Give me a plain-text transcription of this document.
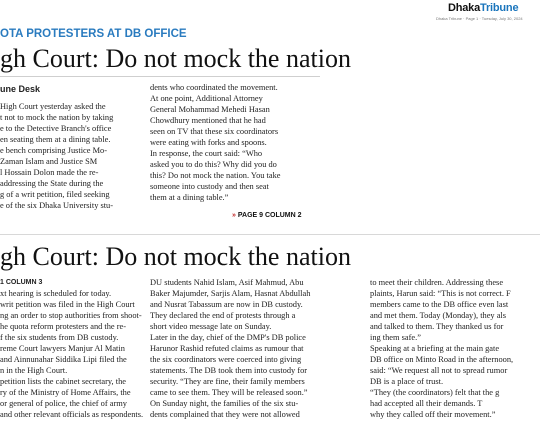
DhakaTribune
Dhaka Tribune · Page 1 · Tuesday, July 30, 2024
OTA PROTESTERS AT DB OFFICE
gh Court: Do not mock the nation
une Desk

High Court yesterday asked the

t not to mock the nation by taking

e to the Detective Branch's office

en seating them at a dining table.

e bench comprising Justice Mo-

Zaman Islam and Justice SM

l Hossain Dolon made the re-

addressing the State during the

g of a writ petition, filed seeking

e of the six Dhaka University stu-

dents who coordinated the movement.

At one point, Additional Attorney

General Mohammad Mehedi Hasan

Chowdhury mentioned that he had

seen on TV that these six coordinators

were eating with forks and spoons.

In response, the court said: “Who

asked you to do this? Why did you do

this? Do not mock the nation. You take

someone into custody and then seat

them at a dining table.”

» PAGE 9 COLUMN 2
gh Court: Do not mock the nation

1 COLUMN 3

xt hearing is scheduled for today.

writ petition was filed in the High Court

ng an order to stop authorities from shoot-

he quota reform protesters and the re-

f the six students from DB custody.

reme Court lawyers Manjur Al Matin

and Ainnunahar Siddika Lipi filed the

n in the High Court.

petition lists the cabinet secretary, the

ry of the Ministry of Home Affairs, the

or general of police, the chief of army

and other relevant officials as respondents.

DU students Nahid Islam, Asif Mahmud, Abu

Baker Majumder, Sarjis Alam, Hasnat Abdullah

and Nusrat Tabassum are now in DB custody.

They declared the end of protests through a

short video message late on Sunday.

Later in the day, chief of the DMP's DB police

Harunor Rashid refuted claims as rumour that

the six coordinators were coerced into giving

statements. The DB took them into custody for

security. “They are fine, their family members

came to see them. They will be released soon.”

On Sunday night, the families of the six stu-

dents complained that they were not allowed

to meet their children. Addressing these

plaints, Harun said: “This is not correct. F

members came to the DB office even last

and met them. Today (Monday), they als

and talked to them. They thanked us for

ing them safe.”

Speaking at a briefing at the main gate

DB office on Minto Road in the afternoon,

said: “We request all not to spread rumor

DB is a place of trust.

“They (the coordinators) felt that the g

had accepted all their demands. T

why they called off their movement.”
